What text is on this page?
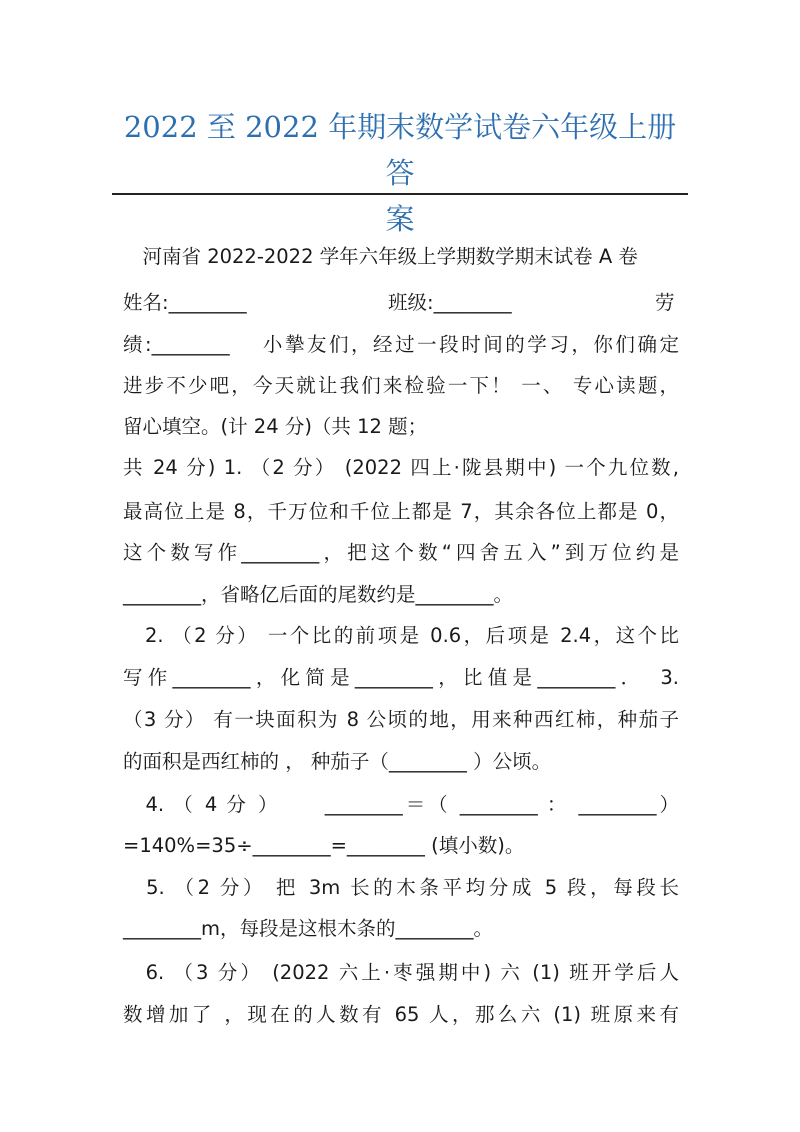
2022 至 2022 年期末数学试卷六年级上册答
案
　河南省 2022-2022 学年六年级上学期数学期末试卷 A 卷
姓名:________	班级:________	劳
绩:________　 小摯友们，经过一段时间的学习，你们确定
进步不少吧，今天就让我们来检验一下！ 一、 专心读题，
留心填空。(计 24 分)（共 12 题；
共 24 分) 1. （2 分） (2022 四上·陇县期中) 一个九位数,
最高位上是 8，千万位和千位上都是 7，其余各位上都是 0，
这个数写作________，把这个数“四舍五入”到万位约是
________，省略亿后面的尾数约是________。
　2. （2 分） 一个比的前项是 0.6，后项是 2.4，这个比
写作________，化简是________，比值是________．　3.
（3 分） 有一块面积为 8 公顷的地，用来种西红柿，种茄子
的面积是西红柿的 ， 种茄子（________ ）公顷。
　4. （ 4 分 ）　　 ________＝（ ________ ： ________）
=140%=35÷________=________ (填小数)。
　5. （2 分） 把 3m 长的木条平均分成 5 段，每段长
________m，每段是这根木条的________。
　6. （3 分） (2022 六上·枣强期中) 六 (1) 班开学后人
数增加了 ，现在的人数有 65 人，那么六 (1) 班原来有
